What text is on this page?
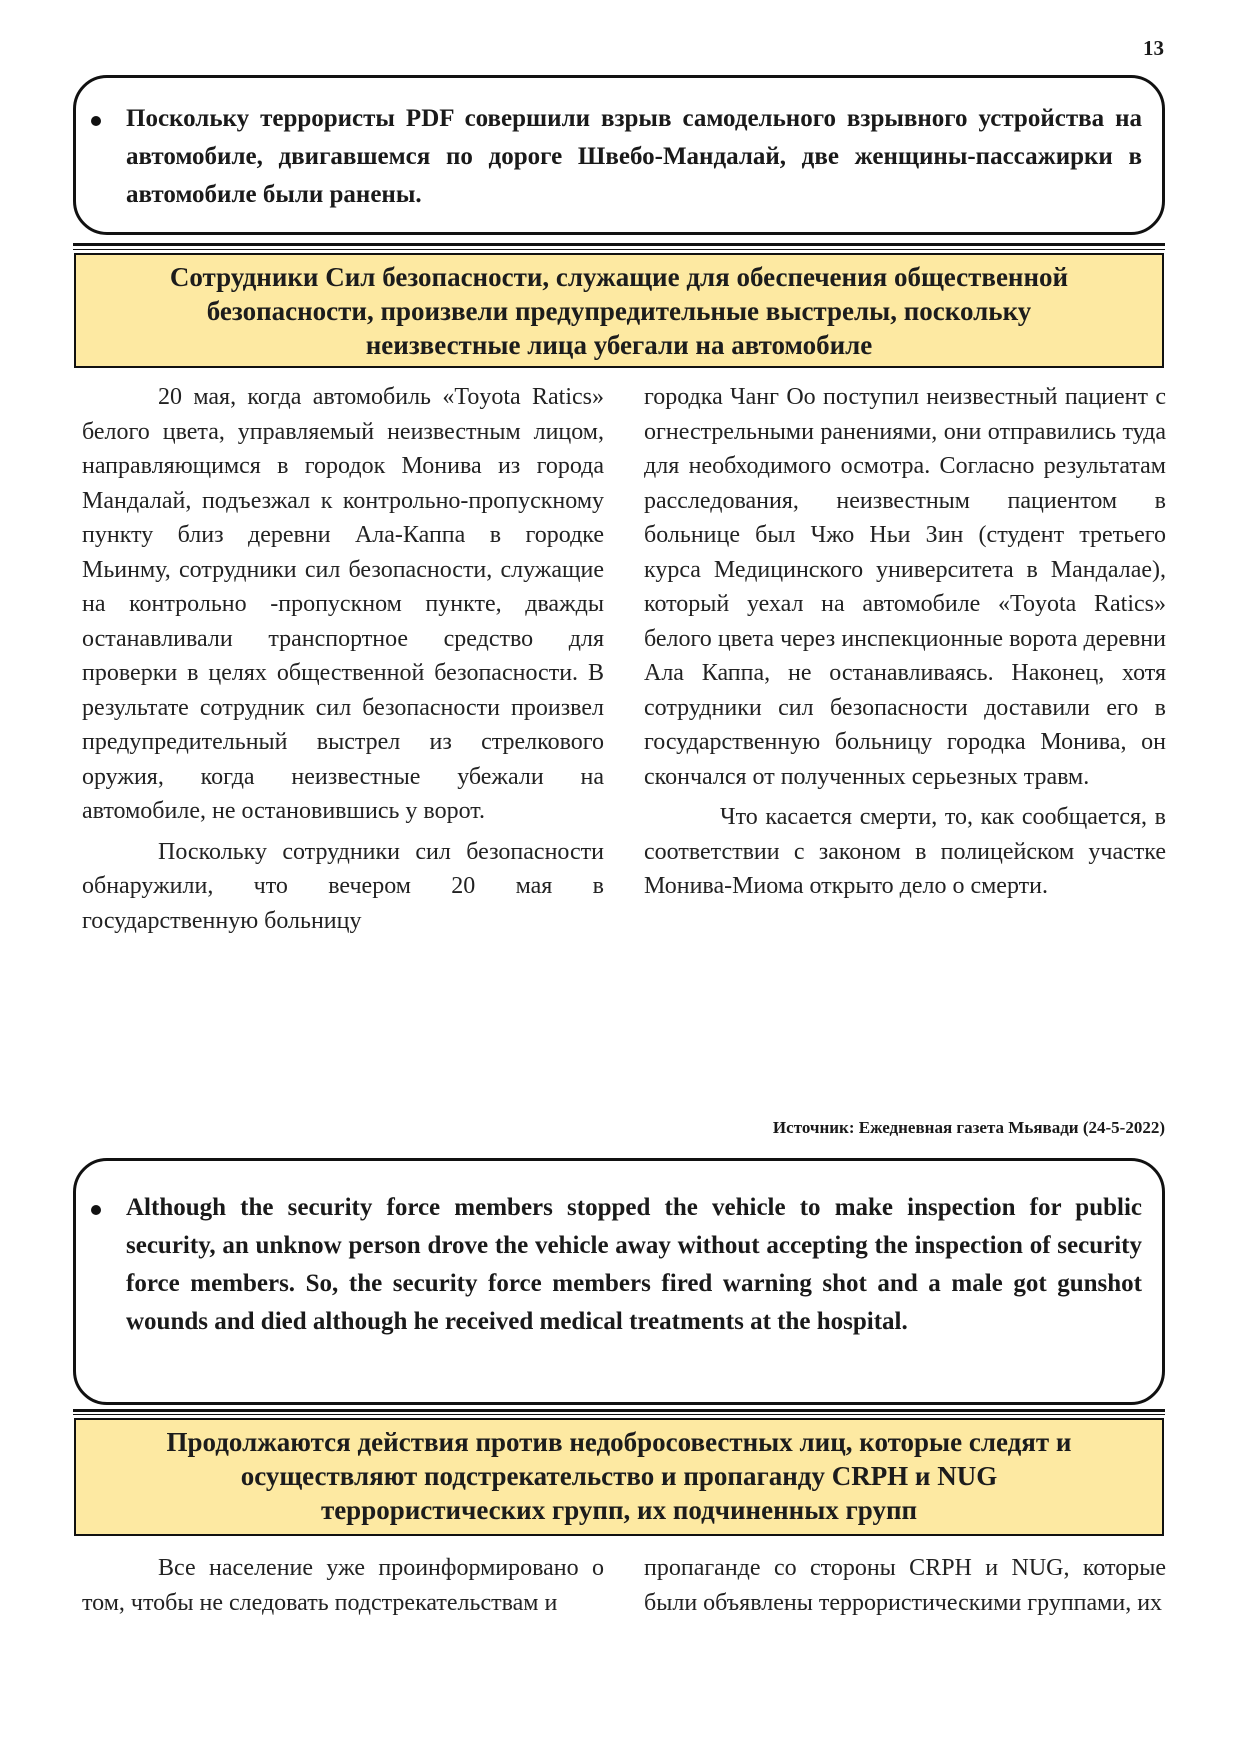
13
Поскольку террористы PDF совершили взрыв самодельного взрывного устройства на автомобиле, двигавшемся по дороге Швебо-Мандалай, две женщины-пассажирки в автомобиле были ранены.
Сотрудники Сил безопасности, служащие для обеспечения общественной
безопасности, произвели предупредительные выстрелы, поскольку
неизвестные лица убегали на автомобиле

20 мая, когда автомобиль «Toyota Ratics» белого цвета, управляемый неизвестным лицом, направляющимся в городок Монива из города Мандалай, подъезжал к контрольно-пропускному пункту близ деревни Ала-Каппа в городке Мьинму, сотрудники сил безопасности, служащие на контрольно -пропускном пункте, дважды останавливали транспортное средство для проверки в целях общественной безопасности. В результате сотрудник сил безопасности произвел предупредительный выстрел из стрелкового оружия, когда неизвестные убежали на автомобиле, не остановившись у ворот.

Поскольку сотрудники сил безопасности обнаружили, что вечером 20 мая в государственную больницу

городка Чанг Оо поступил неизвестный пациент с огнестрельными ранениями, они отправились туда для необходимого осмотра. Согласно результатам расследования, неизвестным пациентом в больнице был Чжо Ньи Зин (студент третьего курса Медицинского университета в Мандалае), который уехал на автомобиле «Toyota Ratics» белого цвета через инспекционные ворота деревни Ала Каппа, не останавливаясь. Наконец, хотя сотрудники сил безопасности доставили его в государственную больницу городка Монива, он скончался от полученных серьезных травм.

Что касается смерти, то, как сообщается, в соответствии с законом в полицейском участке Монива-Миома открыто дело о смерти.

Источник: Ежедневная газета Мьявади (24-5-2022)
Although the security force members stopped the vehicle to make inspection for public security, an unknow person drove the vehicle away without accepting the inspection of security force members. So, the security force members fired warning shot and a male got gunshot wounds and died although he received medical treatments at the hospital.
Продолжаются действия против недобросовестных лиц, которые следят и
осуществляют подстрекательство и пропаганду CRPH и NUG
террористических групп, их подчиненных групп

Все население уже проинформировано о том, чтобы не следовать подстрекательствам и

пропаганде со стороны CRPH и NUG, которые были объявлены террористическими группами, их
